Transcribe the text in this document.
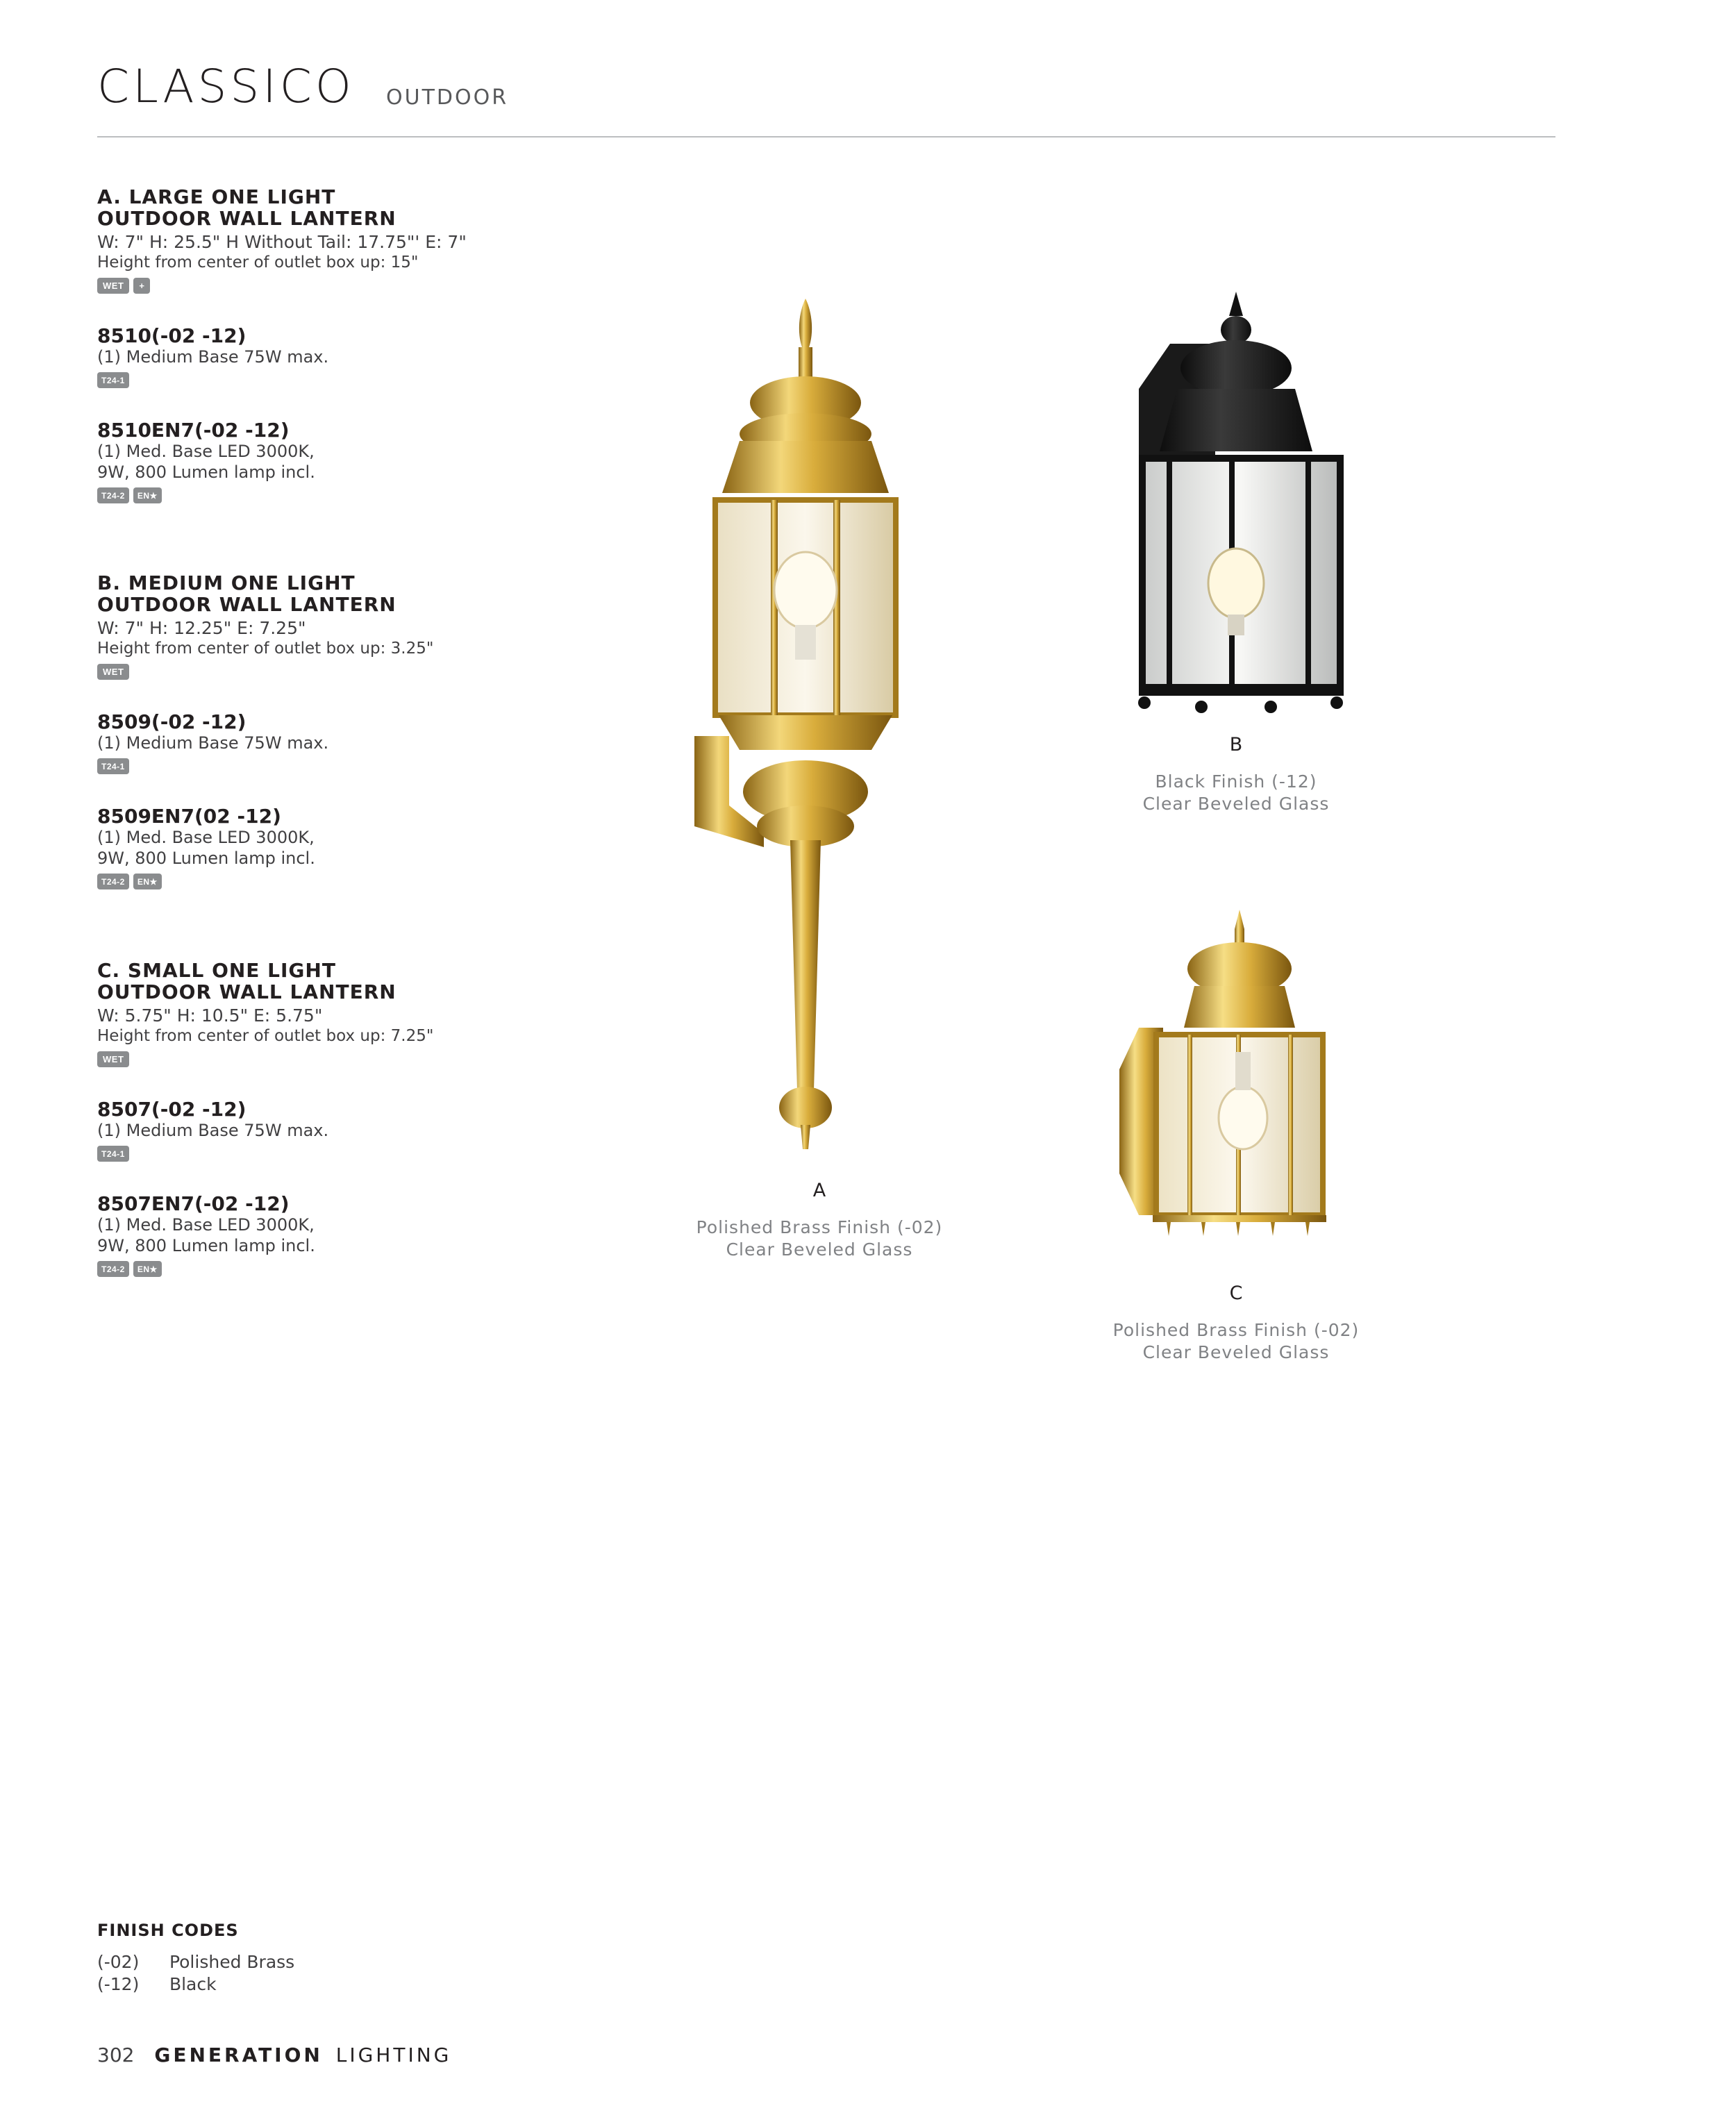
CLASSICO OUTDOOR
A. LARGE ONE LIGHT
OUTDOOR WALL LANTERN
W: 7" H: 25.5" H Without Tail: 17.75"' E: 7"
Height from center of outlet box up: 15"
WET	+
8510(-02 -12)
(1) Medium Base 75W max.
T24-1
8510EN7(-02 -12)
(1) Med. Base LED 3000K,
9W, 800 Lumen lamp incl.
T24-2	EN★
B. MEDIUM ONE LIGHT
OUTDOOR WALL LANTERN
W: 7" H: 12.25" E: 7.25"
Height from center of outlet box up: 3.25"
WET
8509(-02 -12)
(1) Medium Base 75W max.
T24-1
8509EN7(02 -12)
(1) Med. Base LED 3000K,
9W, 800 Lumen lamp incl.
T24-2	EN★
C. SMALL ONE LIGHT
OUTDOOR WALL LANTERN
W: 5.75" H: 10.5" E: 5.75"
Height from center of outlet box up: 7.25"
WET
8507(-02 -12)
(1) Medium Base 75W max.
T24-1
8507EN7(-02 -12)
(1) Med. Base LED 3000K,
9W, 800 Lumen lamp incl.
T24-2	EN★
A
Polished Brass Finish (-02)
Clear Beveled Glass
B
Black Finish (-12)
Clear Beveled Glass
C
Polished Brass Finish (-02)
Clear Beveled Glass
FINISH CODES
(-02) Polished Brass
(-12) Black
302 GENERATION LIGHTING
